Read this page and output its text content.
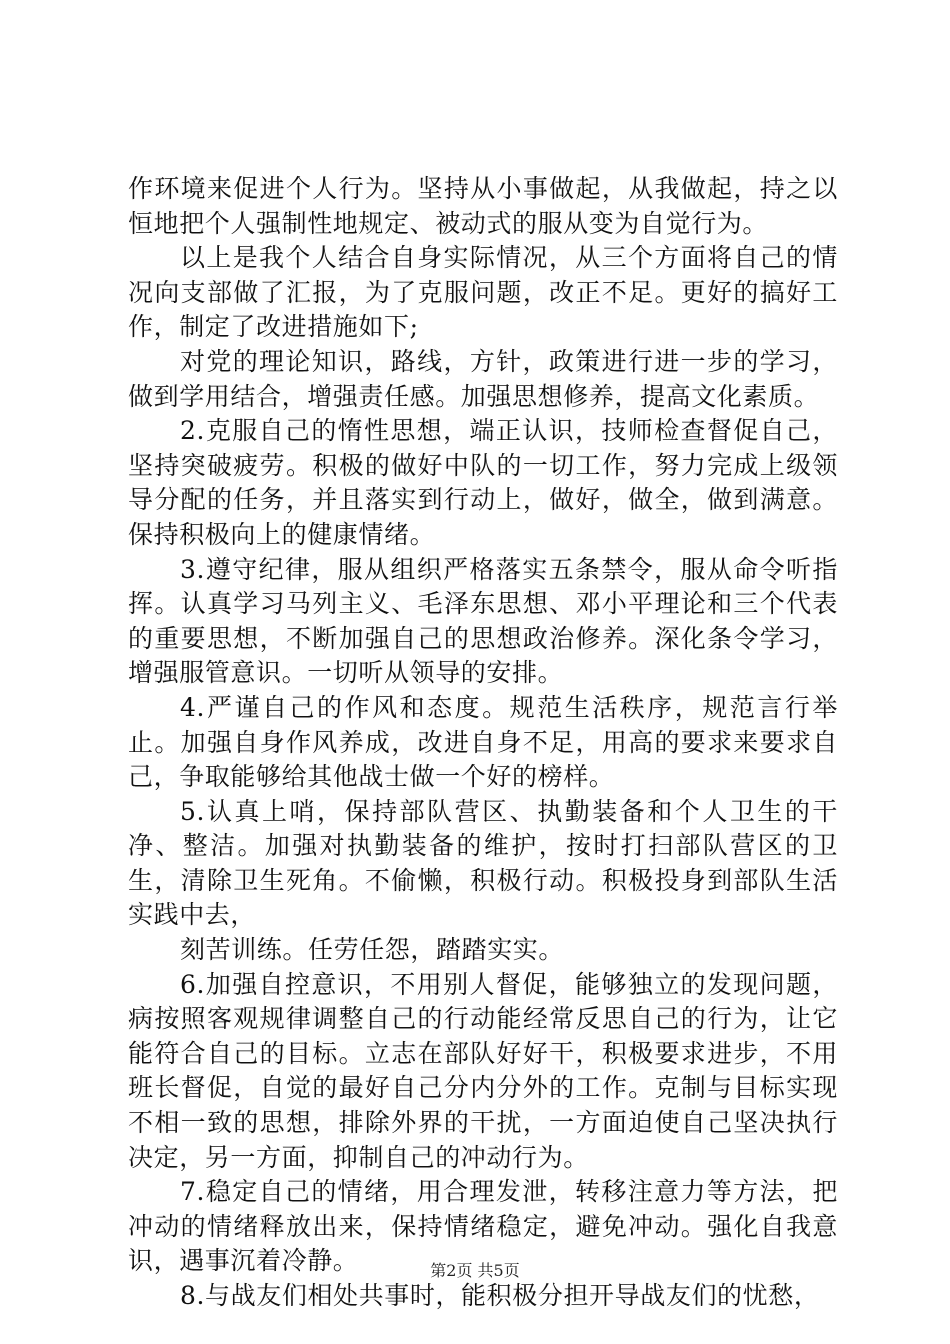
作环境来促进个人行为。坚持从小事做起，从我做起，持之以恒地把个人强制性地规定、被动式的服从变为自觉行为。

以上是我个人结合自身实际情况，从三个方面将自己的情况向支部做了汇报，为了克服问题，改正不足。更好的搞好工作，制定了改进措施如下;

对党的理论知识，路线，方针，政策进行进一步的学习，做到学用结合，增强责任感。加强思想修养，提高文化素质。

2.克服自己的惰性思想，端正认识，技师检查督促自己，坚持突破疲劳。积极的做好中队的一切工作，努力完成上级领导分配的任务，并且落实到行动上，做好，做全，做到满意。保持积极向上的健康情绪。

3.遵守纪律，服从组织严格落实五条禁令，服从命令听指挥。认真学习马列主义、毛泽东思想、邓小平理论和三个代表的重要思想，不断加强自己的思想政治修养。深化条令学习，增强服管意识。一切听从领导的安排。

4.严谨自己的作风和态度。规范生活秩序，规范言行举止。加强自身作风养成，改进自身不足，用高的要求来要求自己，争取能够给其他战士做一个好的榜样。

5.认真上哨，保持部队营区、执勤装备和个人卫生的干净、整洁。加强对执勤装备的维护，按时打扫部队营区的卫生，清除卫生死角。不偷懒，积极行动。积极投身到部队生活实践中去，

刻苦训练。任劳任怨，踏踏实实。

6.加强自控意识，不用别人督促，能够独立的发现问题，病按照客观规律调整自己的行动能经常反思自己的行为，让它能符合自己的目标。立志在部队好好干，积极要求进步，不用班长督促，自觉的最好自己分内分外的工作。克制与目标实现不相一致的思想，排除外界的干扰，一方面迫使自己坚决执行决定，另一方面，抑制自己的冲动行为。

7.稳定自己的情绪，用合理发泄，转移注意力等方法，把冲动的情绪释放出来，保持情绪稳定，避免冲动。强化自我意识，遇事沉着冷静。

8.与战友们相处共事时，能积极分担开导战友们的忧愁，

第2页 共5页
